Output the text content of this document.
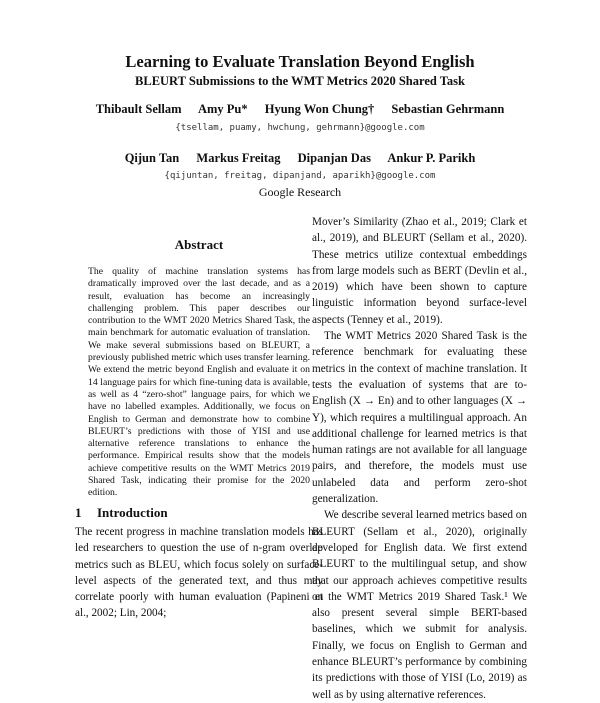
Learning to Evaluate Translation Beyond English
BLEURT Submissions to the WMT Metrics 2020 Shared Task
Thibault Sellam Amy Pu* Hyung Won Chung† Sebastian Gehrmann
{tsellam, puamy, hwchung, gehrmann}@google.com
Qijun Tan Markus Freitag Dipanjan Das Ankur P. Parikh
{qijuntan, freitag, dipanjand, aparikh}@google.com
Google Research
Abstract
The quality of machine translation systems has dramatically improved over the last decade, and as a result, evaluation has become an increasingly challenging problem. This paper describes our contribution to the WMT 2020 Metrics Shared Task, the main benchmark for automatic evaluation of translation. We make several submissions based on BLEURT, a previously published metric which uses transfer learning. We extend the metric beyond English and evaluate it on 14 language pairs for which fine-tuning data is available, as well as 4 “zero-shot” language pairs, for which we have no labelled examples. Additionally, we focus on English to German and demonstrate how to combine BLEURT’s predictions with those of YISI and use alternative reference translations to enhance the performance. Empirical results show that the models achieve competitive results on the WMT Metrics 2019 Shared Task, indicating their promise for the 2020 edition.
1 Introduction
The recent progress in machine translation models has led researchers to question the use of n-gram overlap metrics such as BLEU, which focus solely on surface-level aspects of the generated text, and thus may correlate poorly with human evaluation (Papineni et al., 2002; Lin, 2004;

Mover’s Similarity (Zhao et al., 2019; Clark et al., 2019), and BLEURT (Sellam et al., 2020). These metrics utilize contextual embeddings from large models such as BERT (Devlin et al., 2019) which have been shown to capture linguistic information beyond surface-level aspects (Tenney et al., 2019).

The WMT Metrics 2020 Shared Task is the reference benchmark for evaluating these metrics in the context of machine translation. It tests the evaluation of systems that are to-English (X → En) and to other languages (X → Y), which requires a multilingual approach. An additional challenge for learned metrics is that human ratings are not available for all language pairs, and therefore, the models must use unlabeled data and perform zero-shot generalization.

We describe several learned metrics based on BLEURT (Sellam et al., 2020), originally developed for English data. We first extend BLEURT to the multilingual setup, and show that our approach achieves competitive results on the WMT Metrics 2019 Shared Task.¹ We also present several simple BERT-based baselines, which we submit for analysis. Finally, we focus on English to German and enhance BLEURT’s performance by combining its predictions with those of YISI (Lo, 2019) as well as by using alternative references.
